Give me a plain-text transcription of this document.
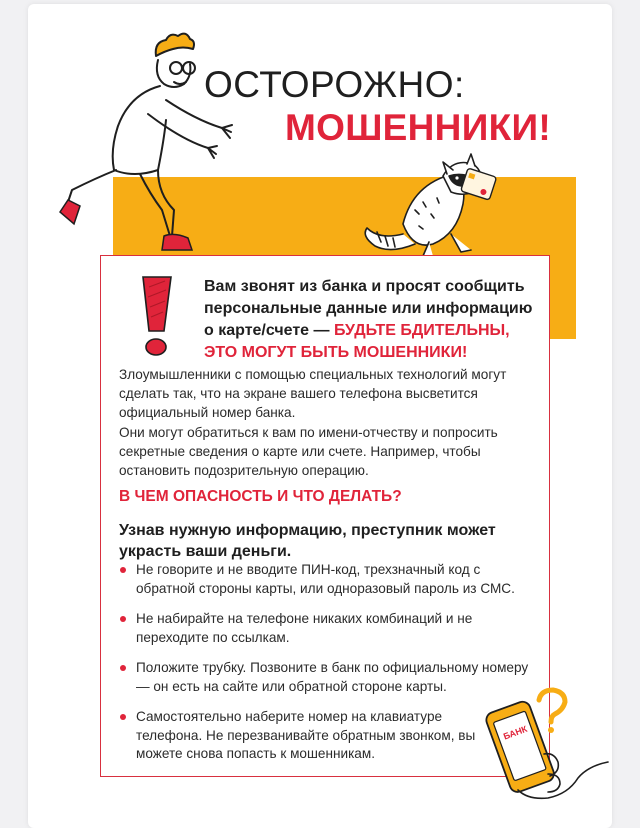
ОСТОРОЖНО:
МОШЕННИКИ!
Вам звонят из банка и просят сообщить персональные данные или информацию о карте/счете — БУДЬТЕ БДИТЕЛЬНЫ, ЭТО МОГУТ БЫТЬ МОШЕННИКИ!
Злоумышленники с помощью специальных технологий могут сделать так, что на экране вашего телефона высветится официальный номер банка.
Они могут обратиться к вам по имени-отчеству и попросить секретные сведения о карте или счете. Например, чтобы остановить подозрительную операцию.
В ЧЕМ ОПАСНОСТЬ И ЧТО ДЕЛАТЬ?
Узнав нужную информацию, преступник может украсть ваши деньги.
Не говорите и не вводите ПИН-код, трехзначный код с обратной стороны карты, или одноразовый пароль из СМС.
Не набирайте на телефоне никаких комбинаций и не переходите по ссылкам.
Положите трубку. Позвоните в банк по официальному номеру — он есть на сайте или обратной стороне карты.
Самостоятельно наберите номер на клавиатуре телефона. Не перезванивайте обратным звонком, вы можете снова попасть к мошенникам.
БАНК
